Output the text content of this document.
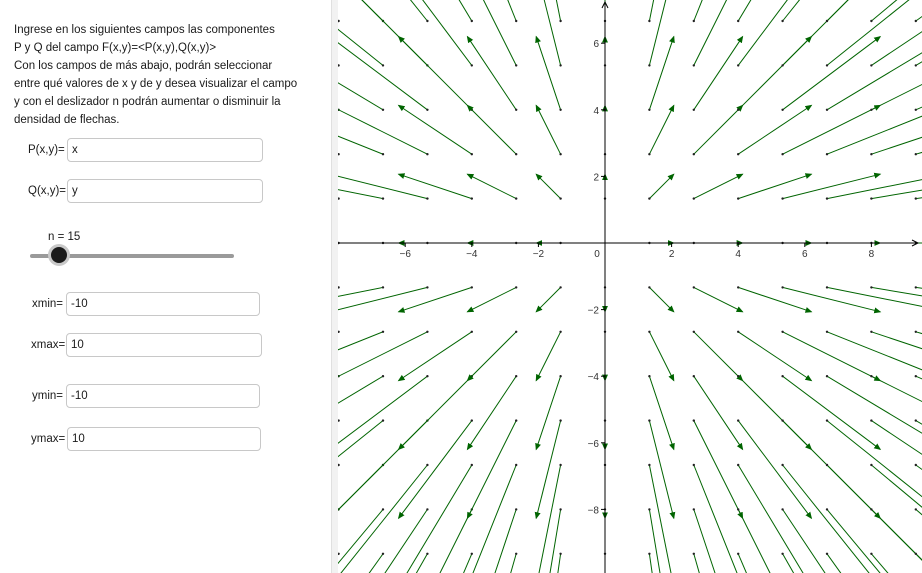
Ingrese en los siguientes campos las componentes
P y Q del campo F(x,y)=<P(x,y),Q(x,y)>
Con los campos de más abajo, podrán seleccionar
entre qué valores de x y de y desea visualizar el campo
y con el deslizador n podrán aumentar o disminuir la
densidad de flechas.
P(x,y)=
x
Q(x,y)=
y
n = 15
xmin=
-10
xmax=
10
ymin=
-10
ymax=
10
−6	−4	−2	0	2	4	6	8
6
4
2
−2
−4
−6
−8
